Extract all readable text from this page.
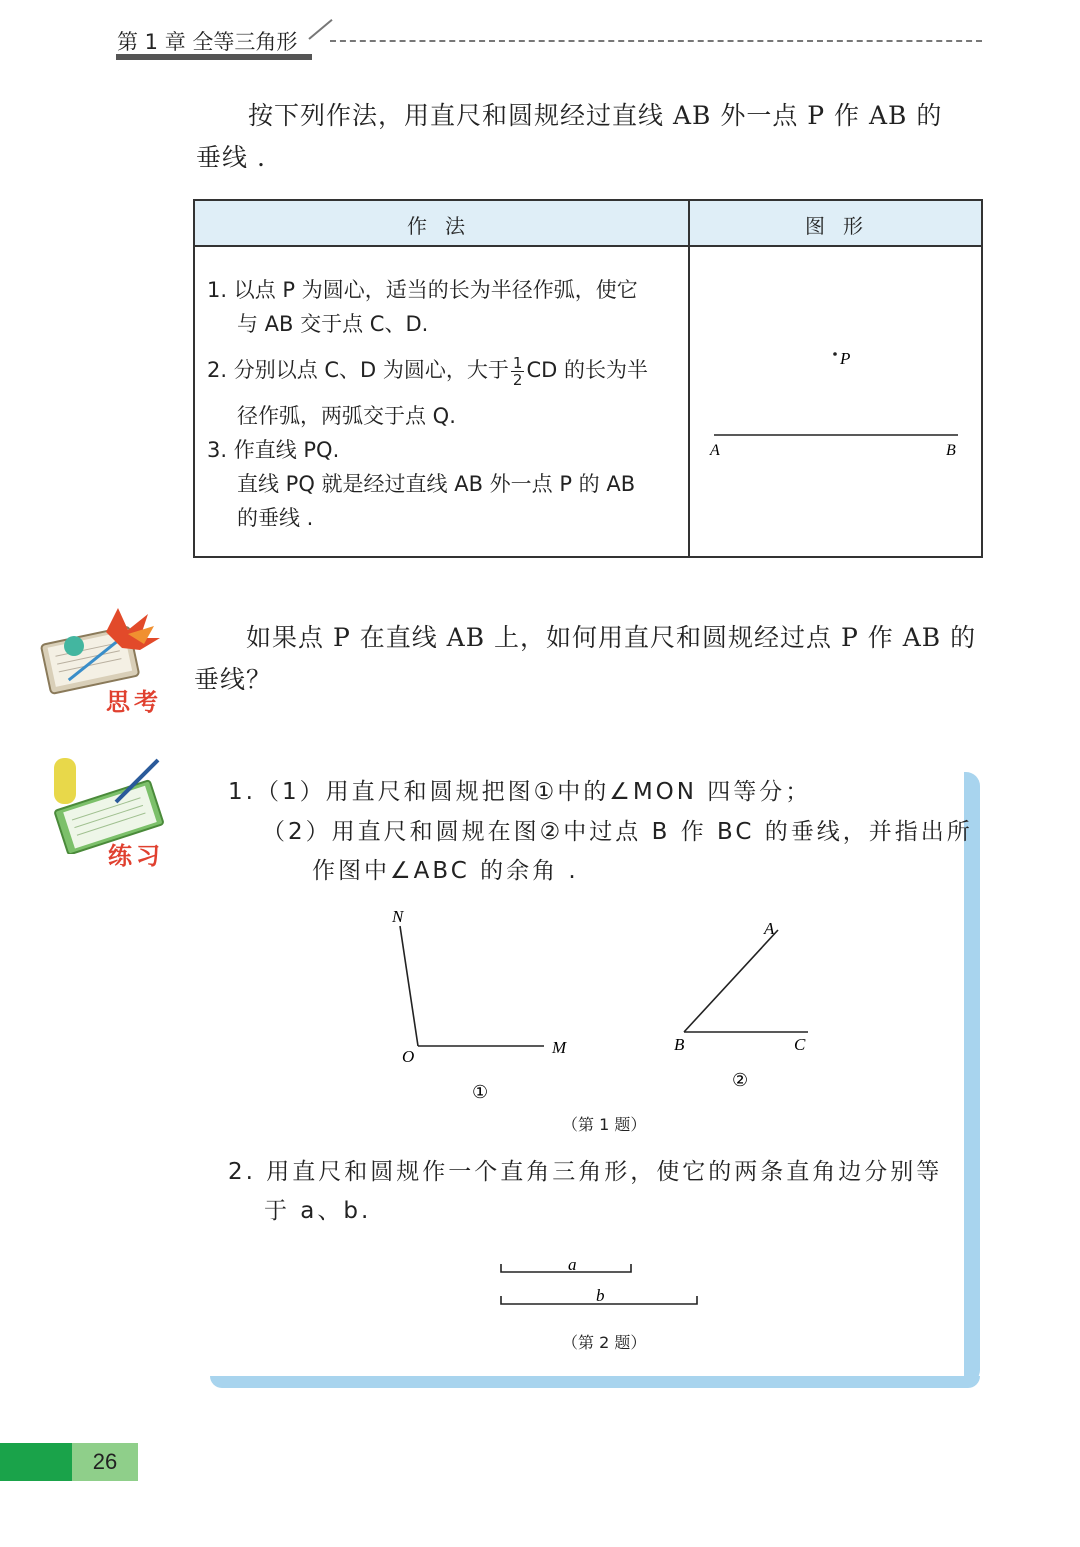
第 1 章 全等三角形
按下列作法，用直尺和圆规经过直线 AB 外一点 P 作 AB 的
垂线 .
作法	图形
1. 以点 P 为圆心，适当的长为半径作弧，使它
与 AB 交于点 C、D.
2. 分别以点 C、D 为圆心，大于 $\frac{1}{2}$ CD 的长为半
径作弧，两弧交于点 Q.
3. 作直线 PQ.
直线 PQ 就是经过直线 AB 外一点 P 的 AB
的垂线 .
P
A	B
思考
如果点 P 在直线 AB 上，如何用直尺和圆规经过点 P 作 AB 的
垂线？
练习
1.（1）用直尺和圆规把图①中的∠MON 四等分；
（2）用直尺和圆规在图②中过点 B 作 BC 的垂线，并指出所
作图中∠ABC 的余角 .
N
O	M
①
A
B	C
②
（第 1 题）
2. 用直尺和圆规作一个直角三角形，使它的两条直角边分别等
于 a、b.
a
b
（第 2 题）
26
